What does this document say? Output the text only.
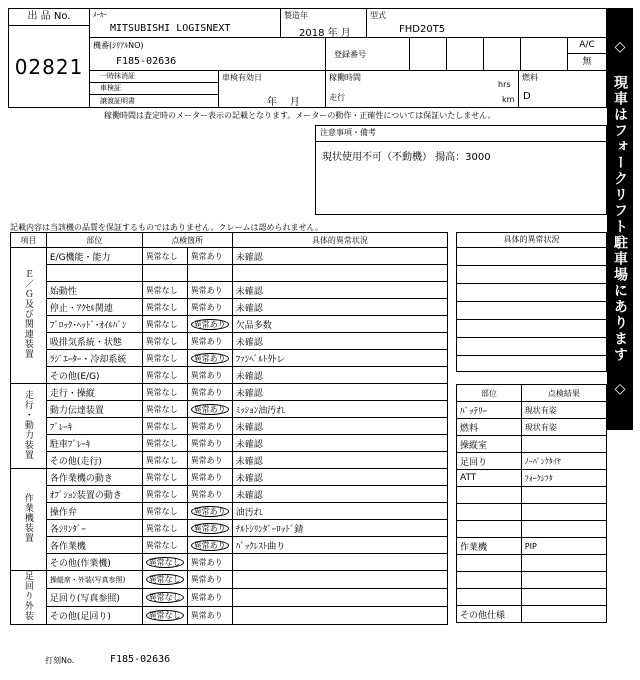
出 品 No.
02821
ﾒｰｶｰ
MITSUBISHI LOGISNEXT
製造年
2018 年 月
型式
FHD20T5
機番(ｼﾘｱﾙNO)
F185-02636
登録番号
A/C
無
一時抹消証
車検証
譲渡証明書
車検有効日
年    月
稼働時間
hrs
走行	km
燃料
D
稼働時間は査定時のメーター表示の記載となります。メーターの動作・正確性については保証いたしません。
注意事項・備考
現状使用不可（不動機） 揚高：3000
記載内容は当該機の品質を保証するものではありません。クレームは認められません。	◇ 現車はフォークリフト駐車場にあります ◇
項目	部位	点検箇所		具体的異常状況
Ｅ／Ｇ及び関連装置	E/G機能・能力	異常なし	異常あり	未確認

	始動性	異常なし	異常あり	未確認
	停止・ｱｸｾﾙ関連	異常なし	異常あり	未確認
	ﾌﾞﾛｯｸ･ﾍｯﾄﾞ･ｵｲﾙﾊﾟﾝ	異常なし	異常あり	欠品多数
	吸排気系統・状態	異常なし	異常あり	未確認
	ﾗｼﾞｴｰﾀｰ・冷却系統	異常なし	異常あり	ﾌｧﾝﾍﾞﾙﾄ外レ
	その他(E/G)	異常なし	異常あり	未確認
走行・動力装置	走行・操縦	異常なし	異常あり	未確認
	動力伝達装置	異常なし	異常あり	ﾐｯｼｮﾝ油汚れ
	ﾌﾞﾚｰｷ	異常なし	異常あり	未確認
	駐車ﾌﾞﾚｰｷ	異常なし	異常あり	未確認
	その他(走行)	異常なし	異常あり	未確認
作業機装置	各作業機の動き	異常なし	異常あり	未確認
	ｵﾌﾟｼｮﾝ装置の動き	異常なし	異常あり	未確認
	操作弁	異常なし	異常あり	油汚れ
	各ｼﾘﾝﾀﾞｰ	異常なし	異常あり	ﾁﾙﾄｼﾘﾝﾀﾞｰﾛｯﾄﾞ錆
	各作業機	異常なし	異常あり	ﾊﾞｯｸﾚｽﾄ曲り
	その他(作業機)	異常なし	異常あり	
足回り外装	操縦席・外装(写真参照)	異常なし	異常あり	
	足回り(写真参照)	異常なし	異常あり	
	その他(足回り)	異常なし	異常あり	
具体的異常状況
部位	点検結果
ﾊﾞｯﾃﾘｰ	現状有姿
燃料	現状有姿
操縦室	
足回り	ﾉｰﾊﾟﾝｸﾀｲﾔ
ATT	ﾌｫｰｸｼﾌﾀ

作業機	PIP

その他仕様	
打刻No.	F185-02636
